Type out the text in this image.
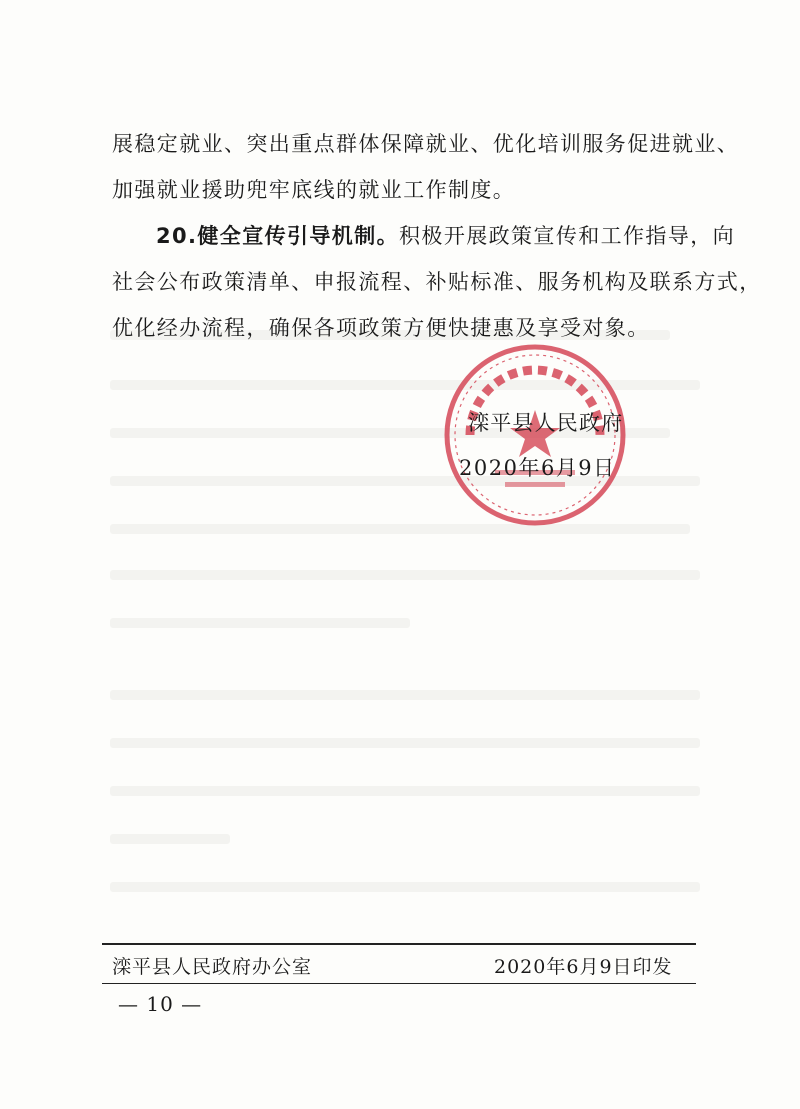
展稳定就业、突出重点群体保障就业、优化培训服务促进就业、
加强就业援助兜牢底线的就业工作制度。

20.健全宣传引导机制。积极开展政策宣传和工作指导，向
社会公布政策清单、申报流程、补贴标准、服务机构及联系方式，
优化经办流程，确保各项政策方便快捷惠及享受对象。

滦平县人民政府
2020年6月9日
滦平县人民政府办公室	2020年6月9日印发
— 10 —
